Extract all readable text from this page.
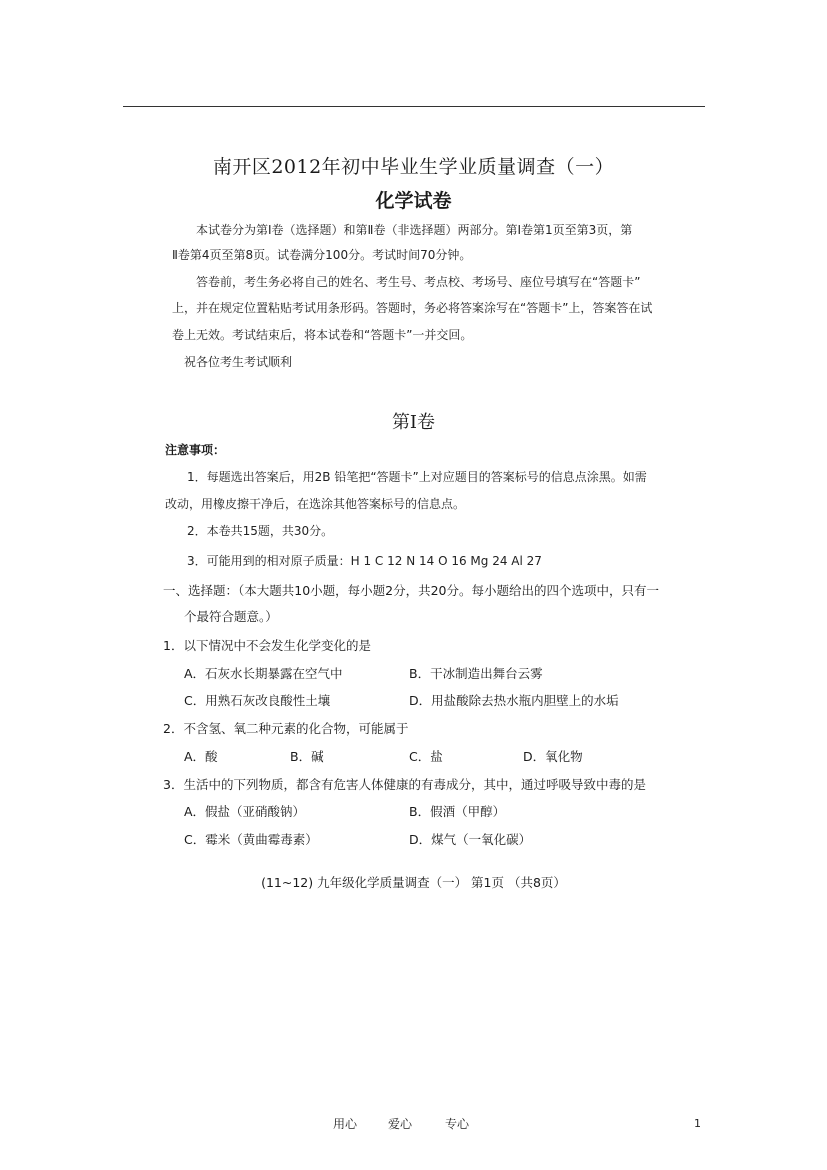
南开区2012年初中毕业生学业质量调查（一）
化学试卷
本试卷分为第Ⅰ卷（选择题）和第Ⅱ卷（非选择题）两部分。第Ⅰ卷第1页至第3页，第
Ⅱ卷第4页至第8页。试卷满分100分。考试时间70分钟。
答卷前，考生务必将自己的姓名、考生号、考点校、考场号、座位号填写在“答题卡”
上，并在规定位置粘贴考试用条形码。答题时，务必将答案涂写在“答题卡”上，答案答在试
卷上无效。考试结束后，将本试卷和“答题卡”一并交回。
祝各位考生考试顺利
第Ⅰ卷
注意事项：
1．每题选出答案后，用2B 铅笔把“答题卡”上对应题目的答案标号的信息点涂黑。如需
改动，用橡皮擦干净后，在选涂其他答案标号的信息点。
2．本卷共15题，共30分。
3．可能用到的相对原子质量：H 1 C 12 N 14 O 16 Mg 24 Al 27
一、选择题：（本大题共10小题，每小题2分，共20分。每小题给出的四个选项中，只有一
个最符合题意。）
1．以下情况中不会发生化学变化的是
A．石灰水长期暴露在空气中	B．干冰制造出舞台云雾
C．用熟石灰改良酸性土壤	D．用盐酸除去热水瓶内胆壁上的水垢
2．不含氢、氧二种元素的化合物，可能属于
A．酸	B．碱	C．盐	D．氧化物
3．生活中的下列物质，都含有危害人体健康的有毒成分，其中，通过呼吸导致中毒的是
A．假盐（亚硝酸钠）	B．假酒（甲醇）
C．霉米（黄曲霉毒素）	D．煤气（一氧化碳）
(11~12) 九年级化学质量调查（一） 第1页 （共8页）
用心	爱心	专心	1
